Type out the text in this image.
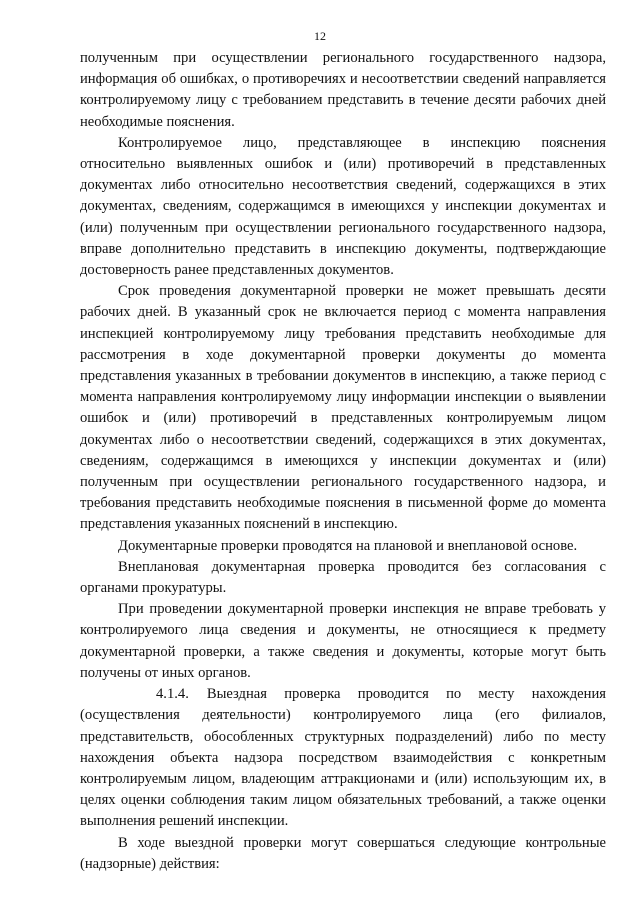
12

полученным при осуществлении регионального государственного надзора, информация об ошибках, о противоречиях и несоответствии сведений направляется контролируемому лицу с требованием представить в течение десяти рабочих дней необходимые пояснения.

Контролируемое лицо, представляющее в инспекцию пояснения относительно выявленных ошибок и (или) противоречий в представленных документах либо относительно несоответствия сведений, содержащихся в этих документах, сведениям, содержащимся в имеющихся у инспекции документах и (или) полученным при осуществлении регионального государственного надзора, вправе дополнительно представить в инспекцию документы, подтверждающие достоверность ранее представленных документов.

Срок проведения документарной проверки не может превышать десяти рабочих дней. В указанный срок не включается период с момента направления инспекцией контролируемому лицу требования представить необходимые для рассмотрения в ходе документарной проверки документы до момента представления указанных в требовании документов в инспекцию, а также период с момента направления контролируемому лицу информации инспекции о выявлении ошибок и (или) противоречий в представленных контролируемым лицом документах либо о несоответствии сведений, содержащихся в этих документах, сведениям, содержащимся в имеющихся у инспекции документах и (или) полученным при осуществлении регионального государственного надзора, и требования представить необходимые пояснения в письменной форме до момента представления указанных пояснений в инспекцию.

Документарные проверки проводятся на плановой и внеплановой основе.

Внеплановая документарная проверка проводится без согласования с органами прокуратуры.

При проведении документарной проверки инспекция не вправе требовать у контролируемого лица сведения и документы, не относящиеся к предмету документарной проверки, а также сведения и документы, которые могут быть получены от иных органов.

4.1.4. Выездная проверка проводится по месту нахождения (осуществления деятельности) контролируемого лица (его филиалов, представительств, обособленных структурных подразделений) либо по месту нахождения объекта надзора посредством взаимодействия с конкретным контролируемым лицом, владеющим аттракционами и (или) использующим их, в целях оценки соблюдения таким лицом обязательных требований, а также оценки выполнения решений инспекции.

В ходе выездной проверки могут совершаться следующие контрольные (надзорные) действия:
